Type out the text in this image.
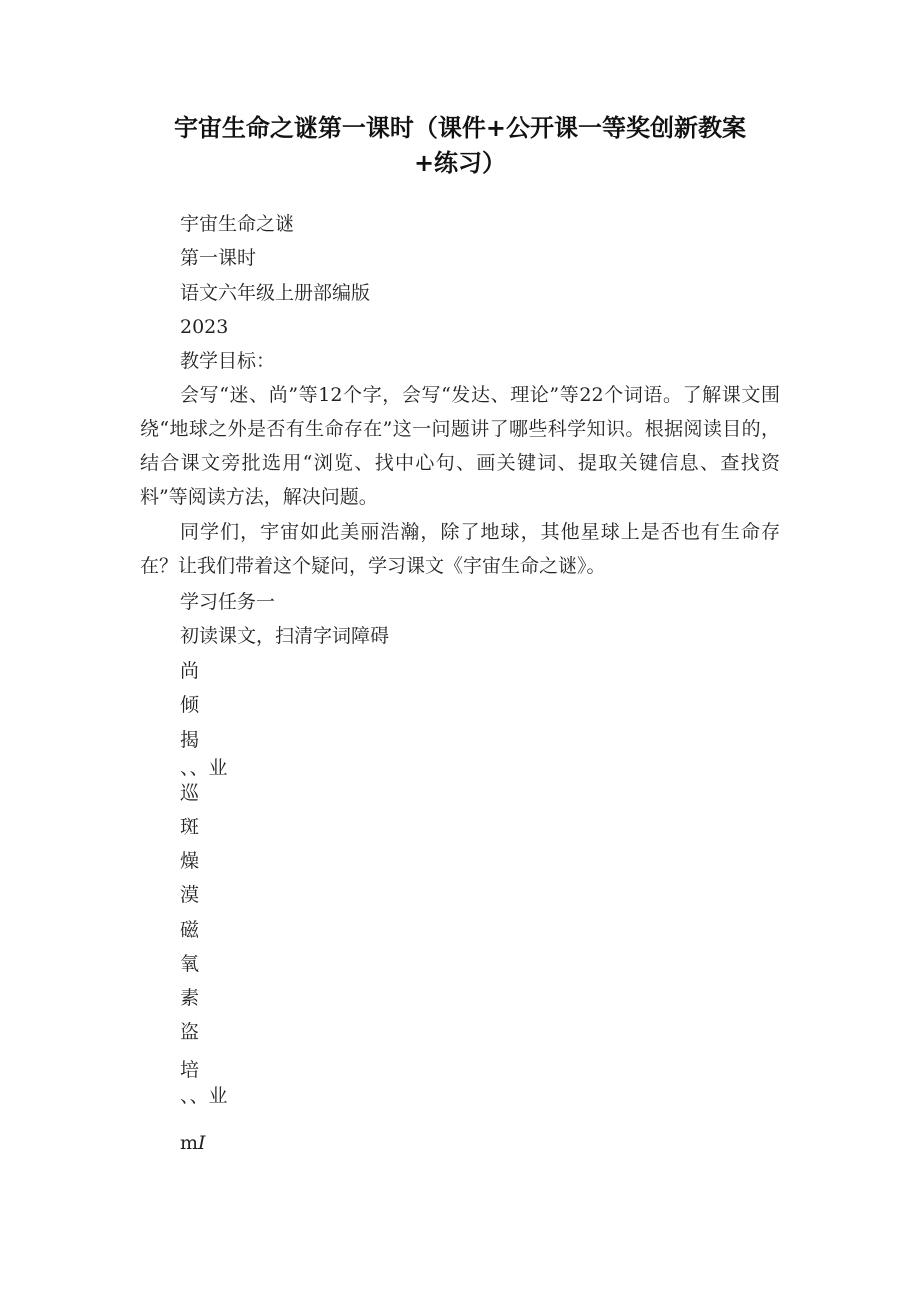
宇宙生命之谜第一课时（课件+公开课一等奖创新教案
+练习）

宇宙生命之谜

第一课时

语文六年级上册部编版

2023

教学目标：

会写“迷、尚”等12个字，会写“发达、理论”等22个词语。了解课文围绕“地球之外是否有生命存在”这一问题讲了哪些科学知识。根据阅读目的，结合课文旁批选用“浏览、找中心句、画关键词、提取关键信息、查找资料”等阅读方法，解决问题。

同学们，宇宙如此美丽浩瀚，除了地球，其他星球上是否也有生命存在？让我们带着这个疑问，学习课文《宇宙生命之谜》。

学习任务一

初读课文，扫清字词障碍

尚

倾

揭

、、业

巡

斑

燥

漠

磁

氧

素

盗

培

、、业

mI
